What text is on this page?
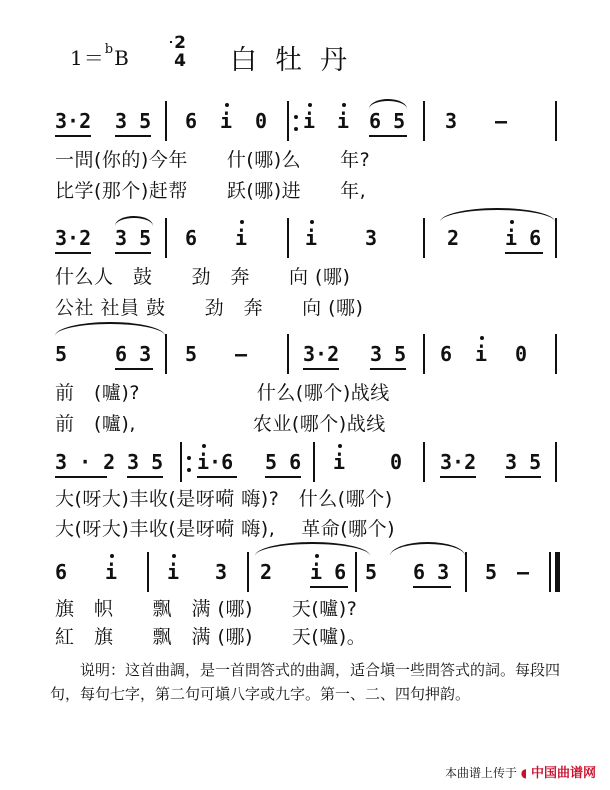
1＝$^b$B
2
4 白牡丹
3·2 3 5 6 i 0 i i 6 5 3 —
一問(你的)今年　　什(哪)么　　年?
比学(那个)赶帮　　跃(哪)进　　年,
3·2 3 5 6 i	i 3	2 i 6
什么人　鼓　　劲　奔　　向 (哪)
公社 社員 鼓　　劲　奔　　向 (哪)
5 6 3 5 —	3·2 3 5 6 i 0
前　(嚧)?　　　　　　什么(哪个)战线
前　(嚧),　　　　　　农业(哪个)战线
3 · 2 3 5 i·6 5 6 i 0 3·2 3 5
大(呀大)丰收(是呀嗬 嗨)?　什么(哪个)
大(呀大)丰收(是呀嗬 嗨),　 革命(哪个)
6 i i 3 2 i 6 5 6 3 5 —
旗　帜　　飘　满 (哪)　　天(嚧)?
紅　旗　　飘　满 (哪)　　天(嚧)。
说明：这首曲調，是一首問答式的曲調，适合塡一些問答式的詞。每段四句，每句七字，第二句可塡八字或九字。第一、二、四句押韵。
本曲谱上传于 ◖ 中国曲谱网
